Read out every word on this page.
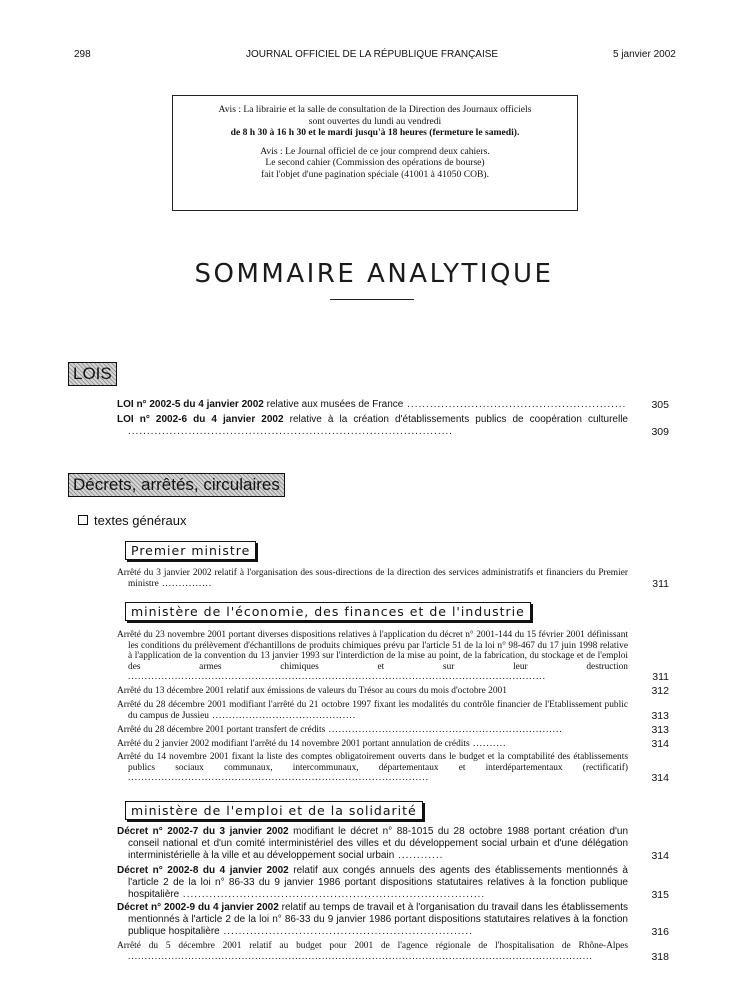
298	JOURNAL OFFICIEL DE LA RÉPUBLIQUE FRANÇAISE	5 janvier 2002

Avis : La librairie et la salle de consultation de la Direction des Journaux officiels

sont ouvertes du lundi au vendredi

de 8 h 30 à 16 h 30 et le mardi jusqu'à 18 heures (fermeture le samedi).

Avis : Le Journal officiel de ce jour comprend deux cahiers.

Le second cahier (Commission des opérations de bourse)

fait l'objet d'une pagination spéciale (41001 à 41050 COB).

SOMMAIRE ANALYTIQUE
LOIS
LOI n° 2002-5 du 4 janvier 2002 relative aux musées de France .......................................................... 305
LOI n° 2002-6 du 4 janvier 2002 relative à la création d'établissements publics de coopération culturelle ......................................................................................	309
Décrets, arrêtés, circulaires
textes généraux
Premier ministre
Arrêté du 3 janvier 2002 relatif à l'organisation des sous-directions de la direction des services administratifs et financiers du Premier ministre ...............	311
ministère de l'économie, des finances et de l'industrie
Arrêté du 23 novembre 2001 portant diverses dispositions relatives à l'application du décret n° 2001-144 du 15 février 2001 définissant les conditions du prélèvement d'échantillons de produits chimiques prévu par l'article 51 de la loi n° 98-467 du 17 juin 1998 relative à l'application de la convention du 13 janvier 1993 sur l'interdiction de la mise au point, de la fabrication, du stockage et de l'emploi des armes chimiques et sur leur destruction .............................................................................................................................	311
Arrêté du 13 décembre 2001 relatif aux émissions de valeurs du Trésor au cours du mois d'octobre 2001	312
Arrêté du 28 décembre 2001 modifiant l'arrêté du 21 octobre 1997 fixant les modalités du contrôle financier de l'Etablissement public du campus de Jussieu ...........................................	313
Arrêté du 28 décembre 2001 portant transfert de crédits ......................................................................	313
Arrêté du 2 janvier 2002 modifiant l'arrêté du 14 novembre 2001 portant annulation de crédits ..........	314
Arrêté du 14 novembre 2001 fixant la liste des comptes obligatoirement ouverts dans le budget et la comptabilité des établissements publics sociaux communaux, intercommunaux, départementaux et interdépartementaux (rectificatif) ..........................................................................................	314
ministère de l'emploi et de la solidarité
Décret n° 2002-7 du 3 janvier 2002 modifiant le décret n° 88-1015 du 28 octobre 1988 portant création d'un conseil national et d'un comité interministériel des villes et du développement social urbain et d'une délégation interministérielle à la ville et au développement social urbain ............	314
Décret n° 2002-8 du 4 janvier 2002 relatif aux congés annuels des agents des établissements mentionnés à l'article 2 de la loi n° 86-33 du 9 janvier 1986 portant dispositions statutaires relatives à la fonction publique hospitalière ................................................................................	315
Décret n° 2002-9 du 4 janvier 2002 relatif au temps de travail et à l'organisation du travail dans les établissements mentionnés à l'article 2 de la loi n° 86-33 du 9 janvier 1986 portant dispositions statutaires relatives à la fonction publique hospitalière ..................................................................	316
Arrêté du 5 décembre 2001 relatif au budget pour 2001 de l'agence régionale de l'hospitalisation de Rhône-Alpes ...........................................................................................................................................	318
